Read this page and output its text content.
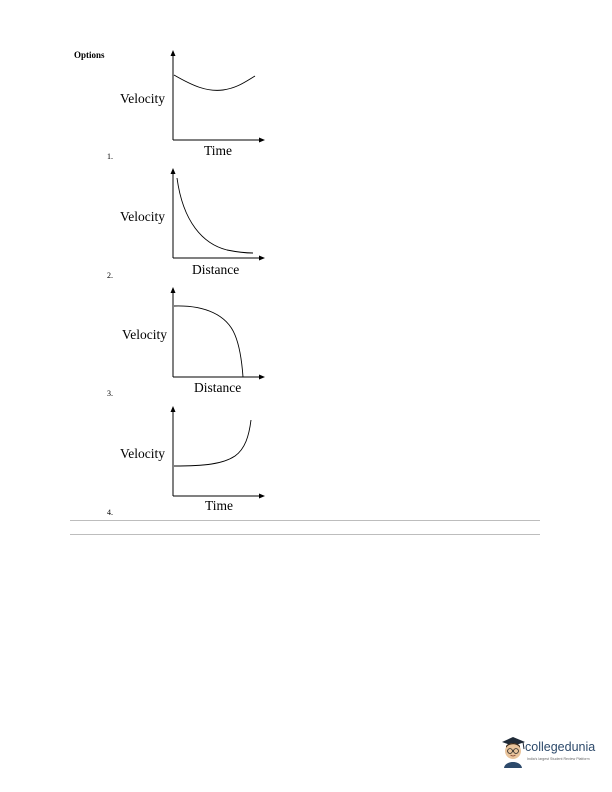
Options
Velocity
Time
1.
Velocity
Distance
2.
Velocity
Distance
3.
Velocity
Time
4.
collegedunia
India's largest Student Review Platform
